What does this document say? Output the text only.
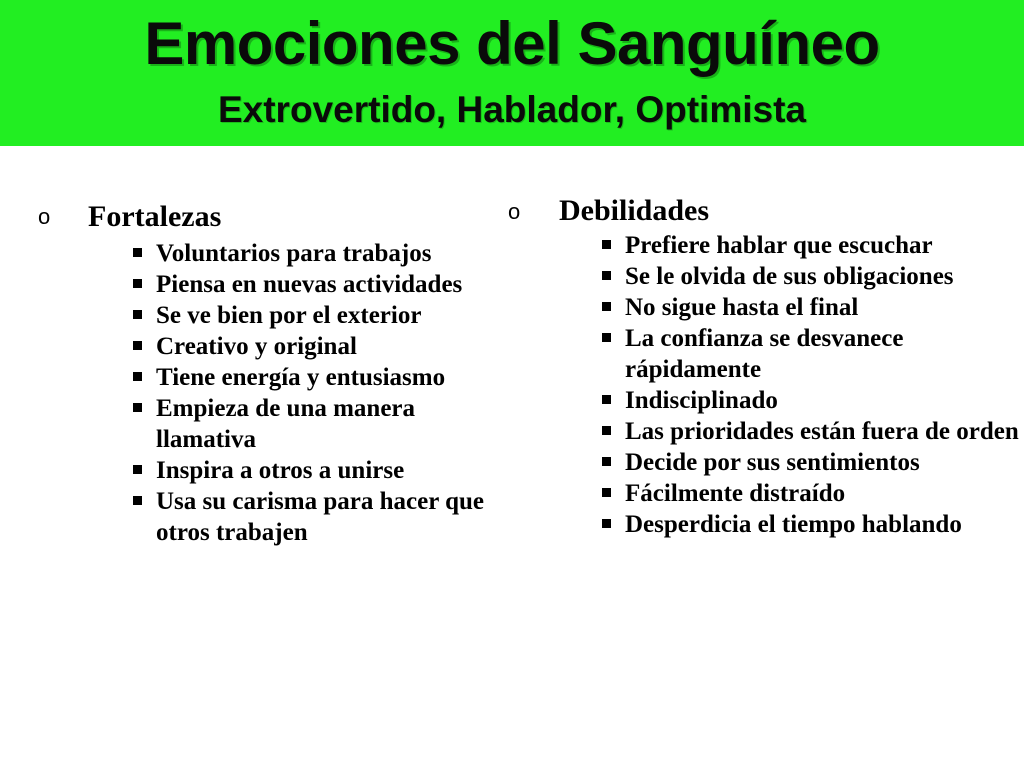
Emociones del Sanguíneo
Extrovertido, Hablador, Optimista
o Fortalezas
Voluntarios para trabajos
Piensa en nuevas actividades
Se ve bien por el exterior
Creativo y original
Tiene energía y entusiasmo
Empieza de una manera llamativa
Inspira a otros a unirse
Usa su carisma para hacer que otros trabajen
o Debilidades
Prefiere hablar que escuchar
Se le olvida de sus obligaciones
No sigue hasta el final
La confianza se desvanece rápidamente
Indisciplinado
Las prioridades están fuera de orden
Decide por sus sentimientos
Fácilmente distraído
Desperdicia el tiempo hablando
